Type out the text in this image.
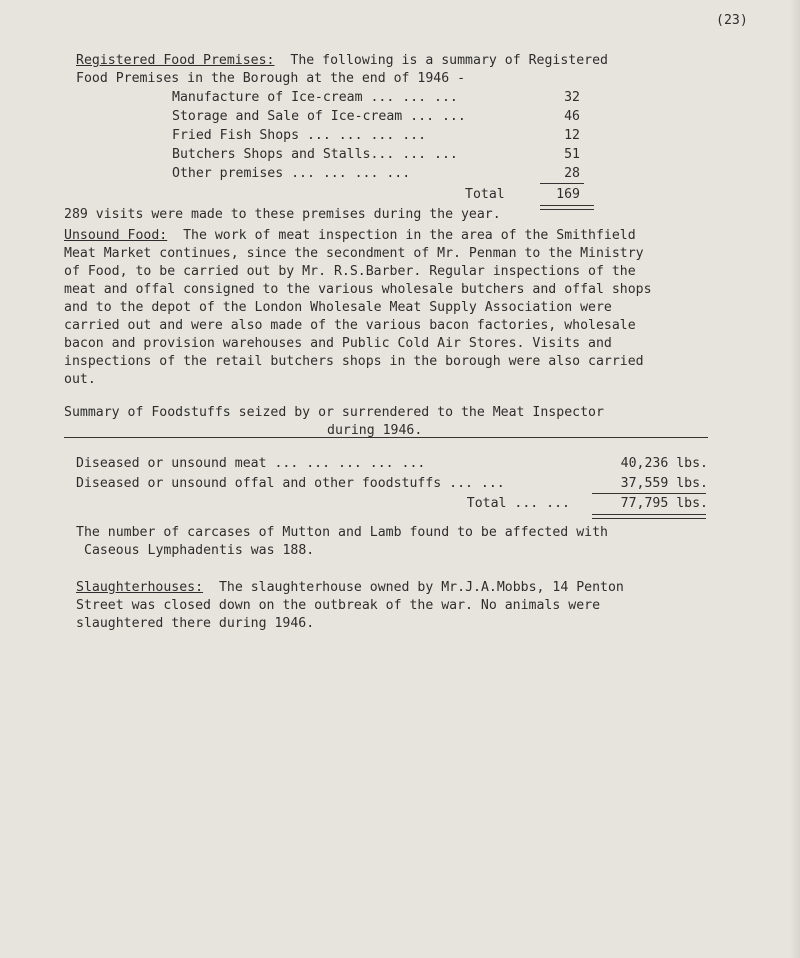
(23)
Registered Food Premises: The following is a summary of Registered
Food Premises in the Borough at the end of 1946 -
Manufacture of Ice-cream ... ... ...	32
Storage and Sale of Ice-cream ... ...	46
Fried Fish Shops ... ... ... ...	12
Butchers Shops and Stalls... ... ...	51
Other premises ... ... ... ...	28
Total	169
289 visits were made to these premises during the year.
Unsound Food: The work of meat inspection in the area of the Smithfield
Meat Market continues, since the secondment of Mr. Penman to the Ministry
of Food, to be carried out by Mr. R.S.Barber. Regular inspections of the
meat and offal consigned to the various wholesale butchers and offal shops
and to the depot of the London Wholesale Meat Supply Association were
carried out and were also made of the various bacon factories, wholesale
bacon and provision warehouses and Public Cold Air Stores. Visits and
inspections of the retail butchers shops in the borough were also carried
out.
Summary of Foodstuffs seized by or surrendered to the Meat Inspector
during 1946.
Diseased or unsound meat ... ... ... ... ...	40,236 lbs.
Diseased or unsound offal and other foodstuffs ... ...	37,559 lbs.
Total ... ...	77,795 lbs.
The number of carcases of Mutton and Lamb found to be affected with
Caseous Lymphadentis was 188.
Slaughterhouses: The slaughterhouse owned by Mr.J.A.Mobbs, 14 Penton
Street was closed down on the outbreak of the war. No animals were
slaughtered there during 1946.
